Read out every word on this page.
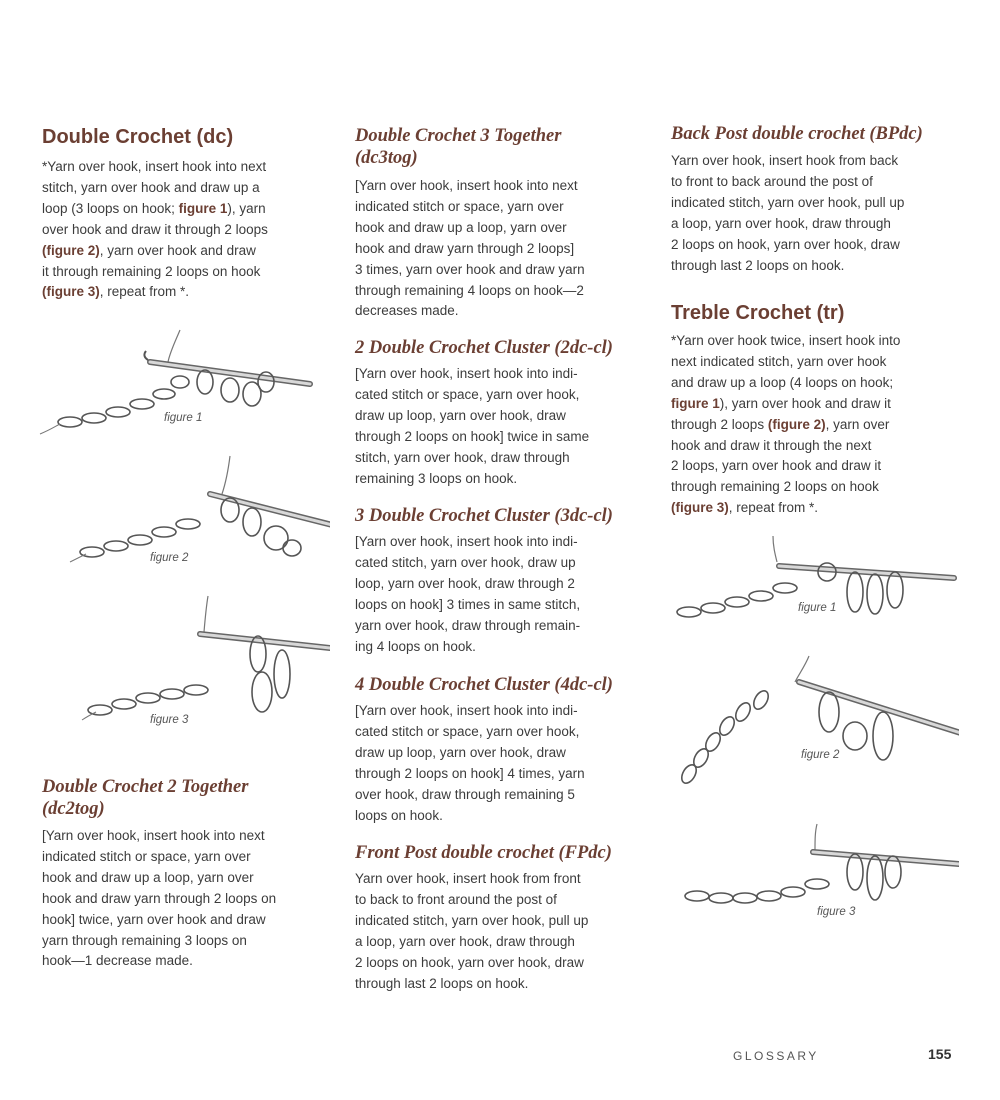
Double Crochet (dc)
*Yarn over hook, insert hook into next
stitch, yarn over hook and draw up a
loop (3 loops on hook; figure 1), yarn
over hook and draw it through 2 loops
(figure 2), yarn over hook and draw
it through remaining 2 loops on hook
(figure 3), repeat from *.
figure 1
figure 2
figure 3
Double Crochet 2 Together
(dc2tog)
[Yarn over hook, insert hook into next
indicated stitch or space, yarn over
hook and draw up a loop, yarn over
hook and draw yarn through 2 loops on
hook] twice, yarn over hook and draw
yarn through remaining 3 loops on
hook—1 decrease made.
Double Crochet 3 Together
(dc3tog)
[Yarn over hook, insert hook into next
indicated stitch or space, yarn over
hook and draw up a loop, yarn over
hook and draw yarn through 2 loops]
3 times, yarn over hook and draw yarn
through remaining 4 loops on hook—2
decreases made.
2 Double Crochet Cluster (2dc-cl)
[Yarn over hook, insert hook into indi-
cated stitch or space, yarn over hook,
draw up loop, yarn over hook, draw
through 2 loops on hook] twice in same
stitch, yarn over hook, draw through
remaining 3 loops on hook.
3 Double Crochet Cluster (3dc-cl)
[Yarn over hook, insert hook into indi-
cated stitch, yarn over hook, draw up
loop, yarn over hook, draw through 2
loops on hook] 3 times in same stitch,
yarn over hook, draw through remain-
ing 4 loops on hook.
4 Double Crochet Cluster (4dc-cl)
[Yarn over hook, insert hook into indi-
cated stitch or space, yarn over hook,
draw up loop, yarn over hook, draw
through 2 loops on hook] 4 times, yarn
over hook, draw through remaining 5
loops on hook.
Front Post double crochet (FPdc)
Yarn over hook, insert hook from front
to back to front around the post of
indicated stitch, yarn over hook, pull up
a loop, yarn over hook, draw through
2 loops on hook, yarn over hook, draw
through last 2 loops on hook.
Back Post double crochet (BPdc)
Yarn over hook, insert hook from back
to front to back around the post of
indicated stitch, yarn over hook, pull up
a loop, yarn over hook, draw through
2 loops on hook, yarn over hook, draw
through last 2 loops on hook.
Treble Crochet (tr)
*Yarn over hook twice, insert hook into
next indicated stitch, yarn over hook
and draw up a loop (4 loops on hook;
figure 1), yarn over hook and draw it
through 2 loops (figure 2), yarn over
hook and draw it through the next
2 loops, yarn over hook and draw it
through remaining 2 loops on hook
(figure 3), repeat from *.
figure 1
figure 2
figure 3
GLOSSARY	155
